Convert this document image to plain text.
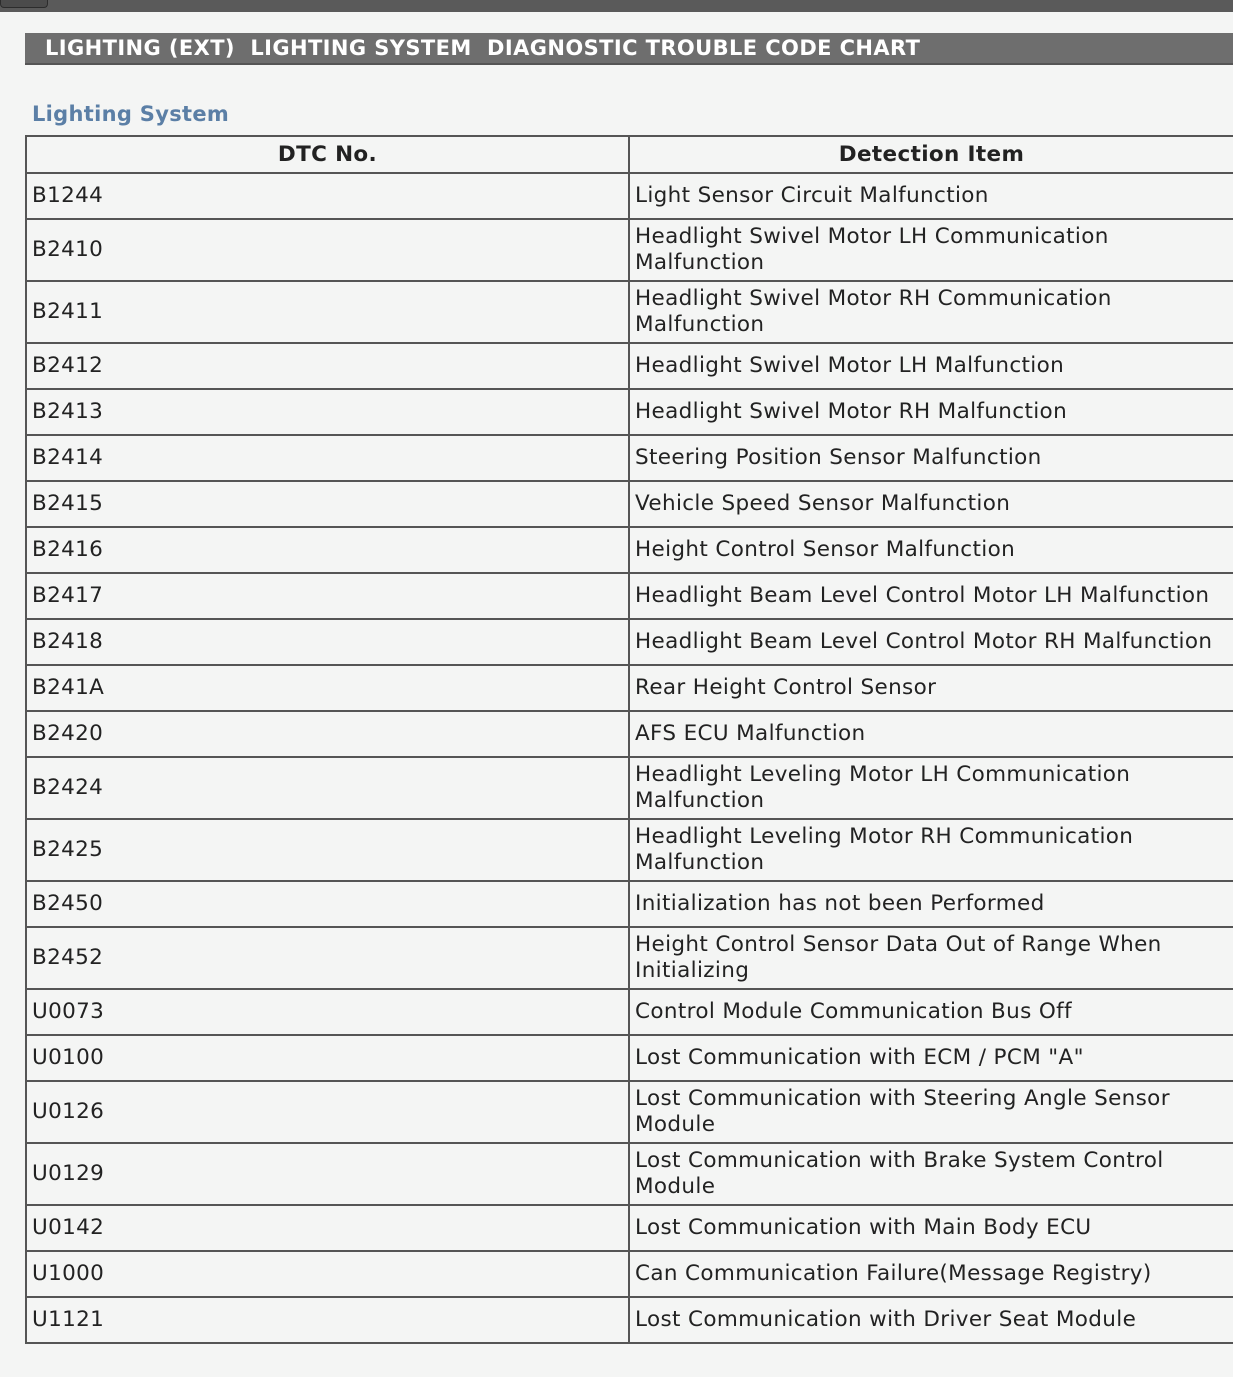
LIGHTING (EXT)  LIGHTING SYSTEM  DIAGNOSTIC TROUBLE CODE CHART
Lighting System
DTC No.	Detection Item
B1244	Light Sensor Circuit Malfunction
B2410	Headlight Swivel Motor LH Communication Malfunction
B2411	Headlight Swivel Motor RH Communication Malfunction
B2412	Headlight Swivel Motor LH Malfunction
B2413	Headlight Swivel Motor RH Malfunction
B2414	Steering Position Sensor Malfunction
B2415	Vehicle Speed Sensor Malfunction
B2416	Height Control Sensor Malfunction
B2417	Headlight Beam Level Control Motor LH Malfunction
B2418	Headlight Beam Level Control Motor RH Malfunction
B241A	Rear Height Control Sensor
B2420	AFS ECU Malfunction
B2424	Headlight Leveling Motor LH Communication Malfunction
B2425	Headlight Leveling Motor RH Communication Malfunction
B2450	Initialization has not been Performed
B2452	Height Control Sensor Data Out of Range When Initializing
U0073	Control Module Communication Bus Off
U0100	Lost Communication with ECM / PCM "A"
U0126	Lost Communication with Steering Angle Sensor Module
U0129	Lost Communication with Brake System Control Module
U0142	Lost Communication with Main Body ECU
U1000	Can Communication Failure(Message Registry)
U1121	Lost Communication with Driver Seat Module
